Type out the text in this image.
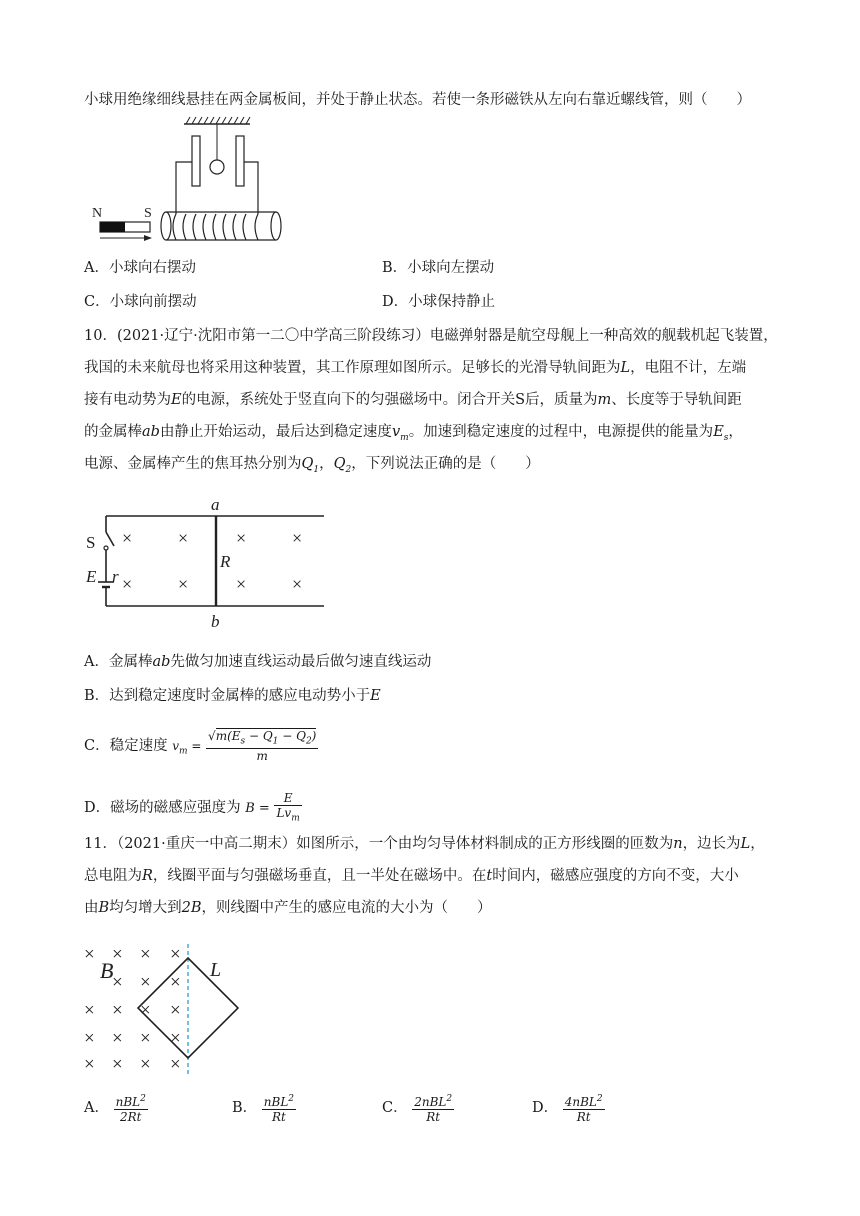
小球用绝缘细线悬挂在两金属板间，并处于静止状态。若使一条形磁铁从左向右靠近螺线管，则（　　）
N	S
A．小球向右摆动	B．小球向左摆动
C．小球向前摆动	D．小球保持静止
10．(2021·辽宁·沈阳市第一二〇中学高三阶段练习）电磁弹射器是航空母舰上一种高效的舰载机起飞装置，
我国的未来航母也将采用这种装置，其工作原理如图所示。足够长的光滑导轨间距为L，电阻不计，左端
接有电动势为E的电源，系统处于竖直向下的匀强磁场中。闭合开关S后，质量为m、长度等于导轨间距
的金属棒ab由静止开始运动，最后达到稳定速度$v_m$。加速到稳定速度的过程中，电源提供的能量为$E_s$，
电源、金属棒产生的焦耳热分别为$Q_1$，$Q_2$，下列说法正确的是（　　）
a
b
R
S
E r
×	×	×	×
×	×	×	×
A．金属棒ab先做匀加速直线运动最后做匀速直线运动
B．达到稳定速度时金属棒的感应电动势小于E
C．稳定速度 $v_m = \frac{√m(E_s - Q_1 - Q_2)}{m}$
D．磁场的磁感应强度为 $B = \frac{E}{Lv_m}$
11．（2021·重庆一中高二期末）如图所示，一个由均匀导体材料制成的正方形线圈的匝数为n，边长为L，
总电阻为R，线圈平面与匀强磁场垂直，且一半处在磁场中。在t时间内，磁感应强度的方向不变，大小
由B均匀增大到2B，则线圈中产生的感应电流的大小为（　　）
× × × ×
× × ×
× × × ×
× × × ×
× × × ×
B	L
A． $\frac{nBL^2}{2Rt}$	B． $\frac{nBL^2}{Rt}$	C． $\frac{2nBL^2}{Rt}$	D． $\frac{4nBL^2}{Rt}$
